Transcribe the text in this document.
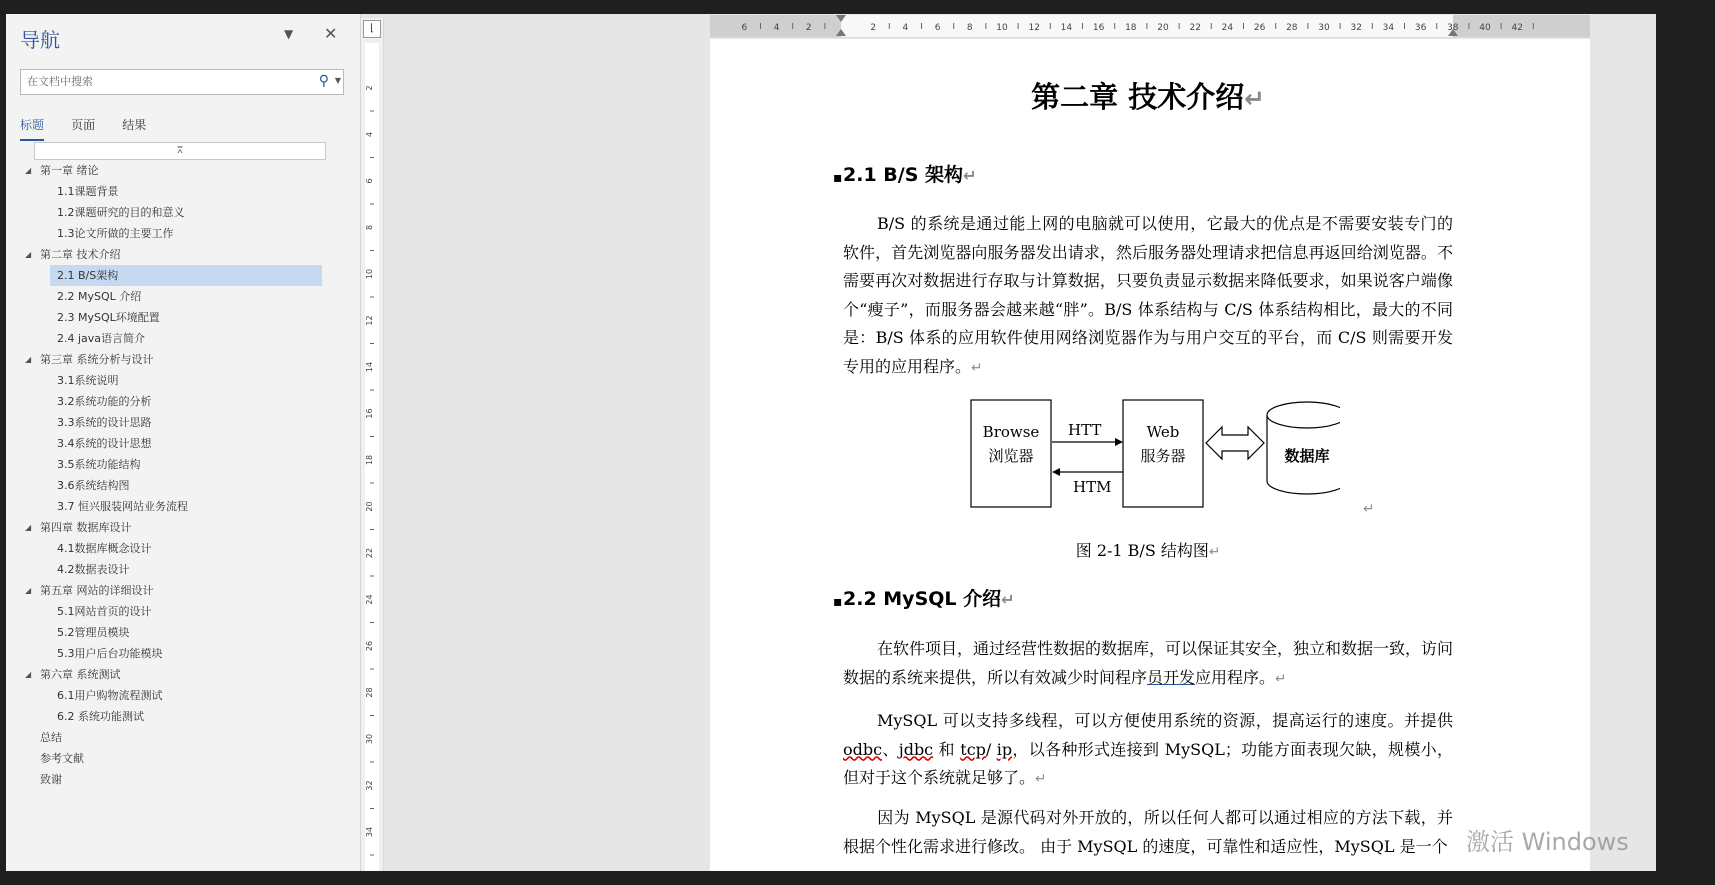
导航	▼ ✕
在文档中搜索
⚲ ▼
标题 页面 结果
⩞
◢ 第一章 绪论
1.1课题背景
1.2课题研究的目的和意义
1.3论文所做的主要工作
◢ 第二章 技术介绍
2.1 B/S架构
2.2 MySQL 介绍
2.3 MySQL环境配置
2.4 java语言简介
◢ 第三章 系统分析与设计
3.1系统说明
3.2系统功能的分析
3.3系统的设计思路
3.4系统的设计思想
3.5系统功能结构
3.6系统结构图
3.7 恒兴服装网站业务流程
◢ 第四章 数据库设计
4.1数据库概念设计
4.2数据表设计
◢ 第五章 网站的详细设计
5.1网站首页的设计
5.2管理员模块
5.3用户后台功能模块
◢ 第六章 系统测试
6.1用户购物流程测试
6.2 系统功能测试
总结
参考文献
致谢
⌊
2
4
6
8
10
12
14
16
18
20
22
24
26
28
30
32
34
6	4	2	2	4	6	8	10 12 14 16 18 20 22 24 26 28 30 32 34 36 38 40 42
第二章 技术介绍↵
▪ 2.1 B/S 架构↵
B/S 的系统是通过能上网的电脑就可以使用，它最大的优点是不需要安装专门的软件，首先浏览器向服务器发出请求，然后服务器处理请求把信息再返回给浏览器。不需要再次对数据进行存取与计算数据，只要负责显示数据来降低要求，如果说客户端像个“瘦子”，而服务器会越来越“胖”。B/S 体系结构与 C/S 体系结构相比，最大的不同是：B/S 体系的应用软件使用网络浏览器作为与用户交互的平台，而 C/S 则需要开发专用的应用程序。↵
Browse
浏览器
HTT
HTM
Web
服务器	数据库
↵
图 2-1 B/S 结构图↵
▪ 2.2 MySQL 介绍↵
在软件项目，通过经营性数据的数据库，可以保证其安全，独立和数据一致，访问数据的系统来提供，所以有效减少时间程序员开发应用程序。↵
MySQL 可以支持多线程，可以方便使用系统的资源，提高运行的速度。并提供 odbc、jdbc 和 tcp/ ip，以各种形式连接到 MySQL；功能方面表现欠缺，规模小，但对于这个系统就足够了。↵
因为 MySQL 是源代码对外开放的，所以任何人都可以通过相应的方法下载，并根据个性化需求进行修改。 由于 MySQL 的速度，可靠性和适应性，MySQL 是一个 激活 Windows
